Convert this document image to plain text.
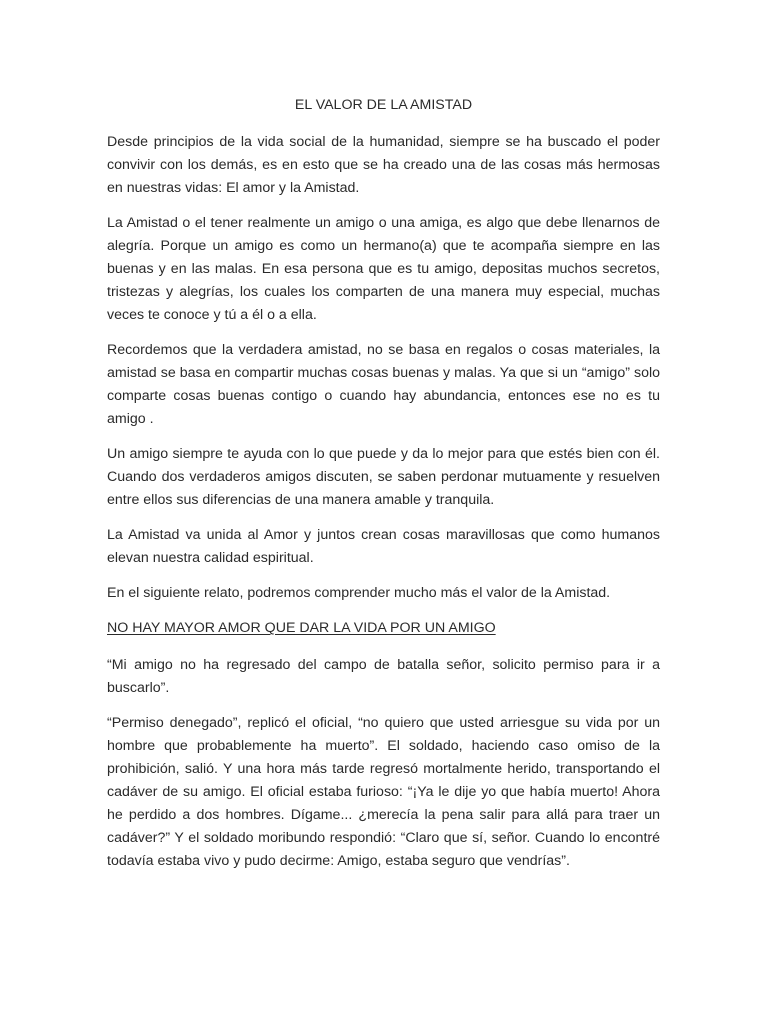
EL VALOR DE LA AMISTAD

Desde principios de la vida social de la humanidad, siempre se ha buscado el poder convivir con los demás, es en esto que se ha creado una de las cosas más hermosas en nuestras vidas: El amor y la Amistad.

La Amistad o el tener realmente un amigo o una amiga, es algo que debe llenarnos de alegría. Porque un amigo es como un hermano(a) que te acompaña siempre en las buenas y en las malas. En esa persona que es tu amigo, depositas muchos secretos, tristezas y alegrías, los cuales los comparten de una manera muy especial, muchas veces te conoce y tú a él o a ella.

Recordemos que la verdadera amistad, no se basa en regalos o cosas materiales, la amistad se basa en compartir muchas cosas buenas y malas. Ya que si un “amigo” solo comparte cosas buenas contigo o cuando hay abundancia, entonces ese no es tu amigo .

Un amigo siempre te ayuda con lo que puede y da lo mejor para que estés bien con él. Cuando dos verdaderos amigos discuten, se saben perdonar mutuamente y resuelven entre ellos sus diferencias de una manera amable y tranquila.

La Amistad va unida al Amor y juntos crean cosas maravillosas que como humanos elevan nuestra calidad espiritual.

En el siguiente relato, podremos comprender mucho más el valor de la Amistad.

NO HAY MAYOR AMOR QUE DAR LA VIDA POR UN AMIGO

“Mi amigo no ha regresado del campo de batalla señor, solicito permiso para ir a buscarlo”.

“Permiso denegado”, replicó el oficial, “no quiero que usted arriesgue su vida por un hombre que probablemente ha muerto”. El soldado, haciendo caso omiso de la prohibición, salió. Y una hora más tarde regresó mortalmente herido, transportando el cadáver de su amigo. El oficial estaba furioso: “¡Ya le dije yo que había muerto! Ahora he perdido a dos hombres. Dígame... ¿merecía la pena salir para allá para traer un cadáver?” Y el soldado moribundo respondió: “Claro que sí, señor. Cuando lo encontré todavía estaba vivo y pudo decirme: Amigo, estaba seguro que vendrías”.
